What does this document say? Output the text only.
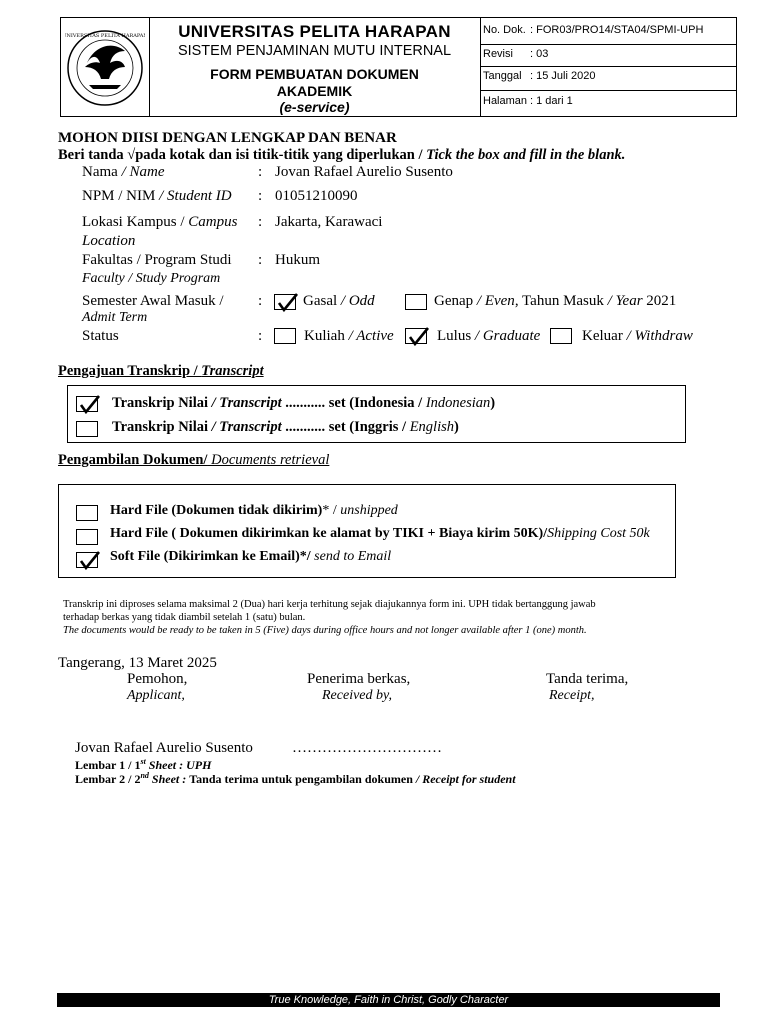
UNIVERSITAS PELITA HARAPAN	UNIVERSITAS PELITA HARAPAN
SISTEM PENJAMINAN MUTU INTERNAL
FORM PEMBUATAN DOKUMEN
AKADEMIK
(e-service)
No. Dok. : FOR03/PRO14/STA04/SPMI-UPH
Revisi : 03
Tanggal : 15 Juli 2020
Halaman : 1 dari 1
MOHON DIISI DENGAN LENGKAP DAN BENAR
Beri tanda √pada kotak dan isi titik-titik yang diperlukan / Tick the box and fill in the blank.
Nama / Name	: Jovan Rafael Aurelio Susento
NPM / NIM / Student ID : 01051210090
Lokasi Kampus / Campus
Location
: Jakarta, Karawaci
Fakultas / Program Studi
Faculty / Study Program
: Hukum
Semester Awal Masuk /
Admit Term
:	Gasal / Odd	Genap / Even, Tahun Masuk / Year 2021
Status	:	Kuliah / Active	Lulus / Graduate	Keluar / Withdraw
Pengajuan Transkrip / Transcript
Transkrip Nilai / Transcript ........... set (Indonesia / Indonesian)
Transkrip Nilai / Transcript ........... set (Inggris / English)
Pengambilan Dokumen/ Documents retrieval
Hard File (Dokumen tidak dikirim)* / unshipped
Hard File ( Dokumen dikirimkan ke alamat by TIKI + Biaya kirim 50K)/Shipping Cost 50k
Soft File (Dikirimkan ke Email)*/ send to Email
Transkrip ini diproses selama maksimal 2 (Dua) hari kerja terhitung sejak diajukannya form ini. UPH tidak bertanggung jawab
terhadap berkas yang tidak diambil setelah 1 (satu) bulan.
The documents would be ready to be taken in 5 (Five) days during office hours and not longer available after 1 (one) month.
Tangerang, 13 Maret 2025
Pemohon,
Applicant,
Penerima berkas,
Received by,
Tanda terima,
Receipt,
Jovan Rafael Aurelio Susento	…………………………
Lembar 1 / 1st Sheet : UPH
Lembar 2 / 2nd Sheet : Tanda terima untuk pengambilan dokumen / Receipt for student
True Knowledge, Faith in Christ, Godly Character
